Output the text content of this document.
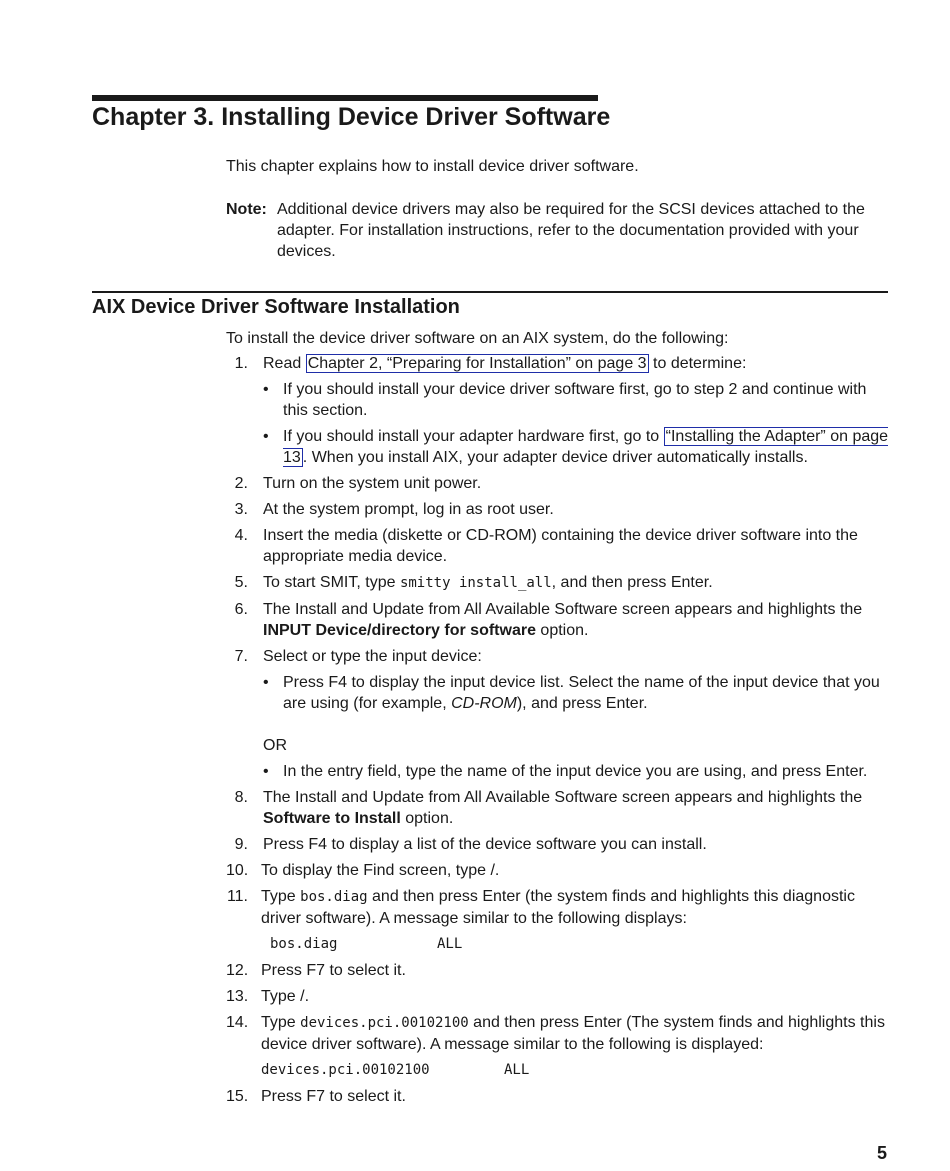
Chapter 3. Installing Device Driver Software
This chapter explains how to install device driver software.
Note: Additional device drivers may also be required for the SCSI devices attached to the adapter. For installation instructions, refer to the documentation provided with your devices.
AIX Device Driver Software Installation
To install the device driver software on an AIX system, do the following:
1. Read Chapter 2, “Preparing for Installation” on page 3 to determine:
• If you should install your device driver software first, go to step 2 and continue with this section.
• If you should install your adapter hardware first, go to “Installing the Adapter” on page 13 . When you install AIX, your adapter device driver automatically installs.
2. Turn on the system unit power.
3. At the system prompt, log in as root user.
4. Insert the media (diskette or CD-ROM) containing the device driver software into the appropriate media device.
5. To start SMIT, type smitty install_all, and then press Enter.
6. The Install and Update from All Available Software screen appears and highlights the INPUT Device/directory for software option.
7. Select or type the input device:
• Press F4 to display the input device list. Select the name of the input device that you are using (for example, CD-ROM), and press Enter.
OR
• In the entry field, type the name of the input device you are using, and press Enter.
8. The Install and Update from All Available Software screen appears and highlights the Software to Install option.
9. Press F4 to display a list of the device software you can install.
10. To display the Find screen, type /.
11. Type bos.diag and then press Enter (the system finds and highlights this diagnostic driver software). A message similar to the following displays:
bos.diag	ALL
12. Press F7 to select it.
13. Type /.
14. Type devices.pci.00102100 and then press Enter (The system finds and highlights this device driver software). A message similar to the following is displayed:
devices.pci.00102100	ALL
15. Press F7 to select it.
5
